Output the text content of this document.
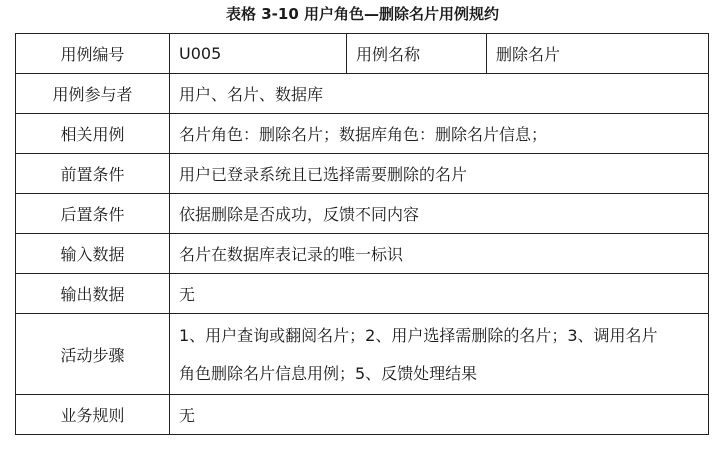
表格 3-10 用户角色—删除名片用例规约
用例编号	U005	用例名称	删除名片
用例参与者	用户、名片、数据库		
相关用例	名片角色：删除名片；数据库角色：删除名片信息；		
前置条件	用户已登录系统且已选择需要删除的名片		
后置条件	依据删除是否成功，反馈不同内容		
输入数据	名片在数据库表记录的唯一标识		
输出数据	无		
活动步骤	1、用户查询或翻阅名片；2、用户选择需删除的名片；3、调用名片
角色删除名片信息用例；5、反馈处理结果		

业务规则	无		
